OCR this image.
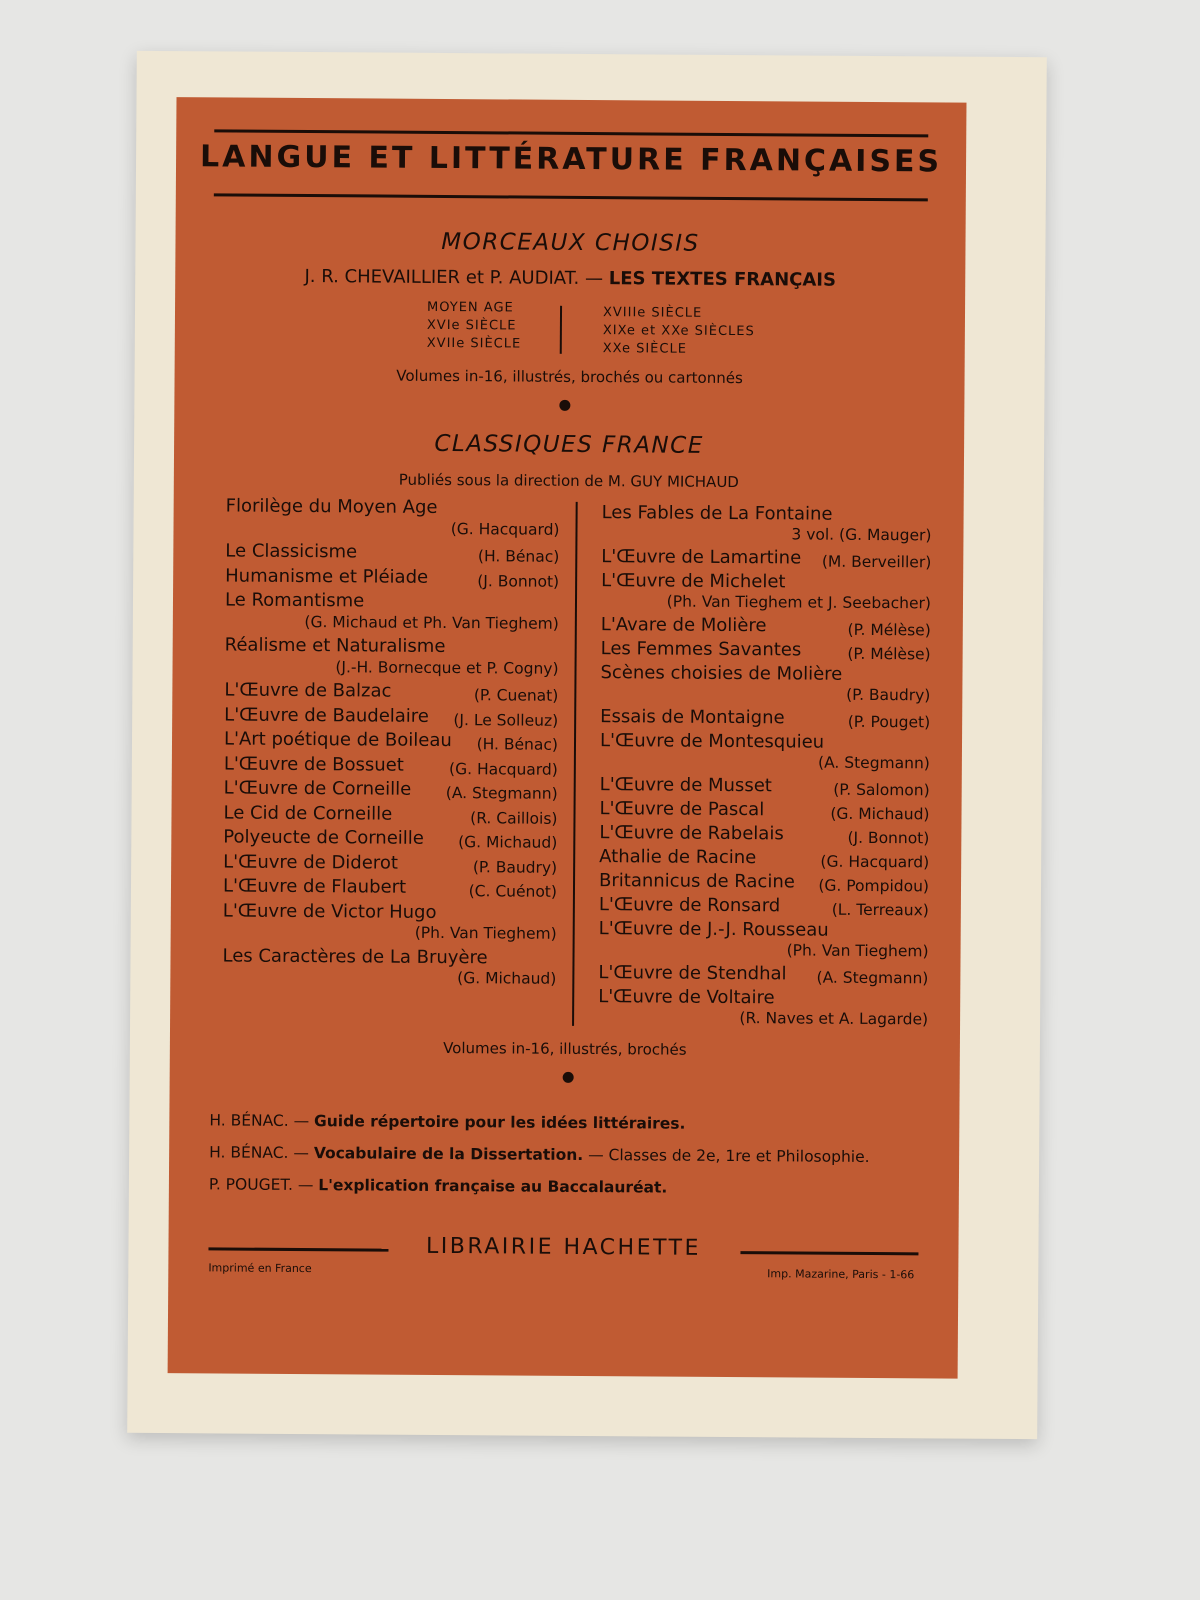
LANGUE ET LITTÉRATURE FRANÇAISES
MORCEAUX CHOISIS
J. R. CHEVAILLIER et P. AUDIAT. — LES TEXTES FRANÇAIS
MOYEN AGE
XVIe SIÈCLE
XVIIe SIÈCLE
XVIIIe SIÈCLE
XIXe et XXe SIÈCLES
XXe SIÈCLE
Volumes in-16, illustrés, brochés ou cartonnés
CLASSIQUES FRANCE
Publiés sous la direction de M. GUY MICHAUD
Florilège du Moyen Age
(G. Hacquard)
Le Classicisme	(H. Bénac)
Humanisme et Pléiade	(J. Bonnot)
Le Romantisme
(G. Michaud et Ph. Van Tieghem)
Réalisme et Naturalisme
(J.-H. Bornecque et P. Cogny)
L'Œuvre de Balzac	(P. Cuenat)
L'Œuvre de Baudelaire (J. Le Solleuz)
L'Art poétique de Boileau (H. Bénac)
L'Œuvre de Bossuet	(G. Hacquard)
L'Œuvre de Corneille (A. Stegmann)
Le Cid de Corneille	(R. Caillois)
Polyeucte de Corneille (G. Michaud)
L'Œuvre de Diderot	(P. Baudry)
L'Œuvre de Flaubert	(C. Cuénot)
L'Œuvre de Victor Hugo
(Ph. Van Tieghem)
Les Caractères de La Bruyère
(G. Michaud)
Les Fables de La Fontaine
3 vol. (G. Mauger)
L'Œuvre de Lamartine (M. Berveiller)
L'Œuvre de Michelet
(Ph. Van Tieghem et J. Seebacher)
L'Avare de Molière	(P. Mélèse)
Les Femmes Savantes	(P. Mélèse)
Scènes choisies de Molière
(P. Baudry)
Essais de Montaigne	(P. Pouget)
L'Œuvre de Montesquieu
(A. Stegmann)
L'Œuvre de Musset	(P. Salomon)
L'Œuvre de Pascal	(G. Michaud)
L'Œuvre de Rabelais	(J. Bonnot)
Athalie de Racine	(G. Hacquard)
Britannicus de Racine (G. Pompidou)
L'Œuvre de Ronsard	(L. Terreaux)
L'Œuvre de J.-J. Rousseau
(Ph. Van Tieghem)
L'Œuvre de Stendhal (A. Stegmann)
L'Œuvre de Voltaire
(R. Naves et A. Lagarde)
Volumes in-16, illustrés, brochés
H. BÉNAC. — Guide répertoire pour les idées littéraires.
H. BÉNAC. — Vocabulaire de la Dissertation. — Classes de 2e, 1re et Philosophie.
P. POUGET. — L'explication française au Baccalauréat.
LIBRAIRIE HACHETTE
Imprimé en France	Imp. Mazarine, Paris - 1-66
